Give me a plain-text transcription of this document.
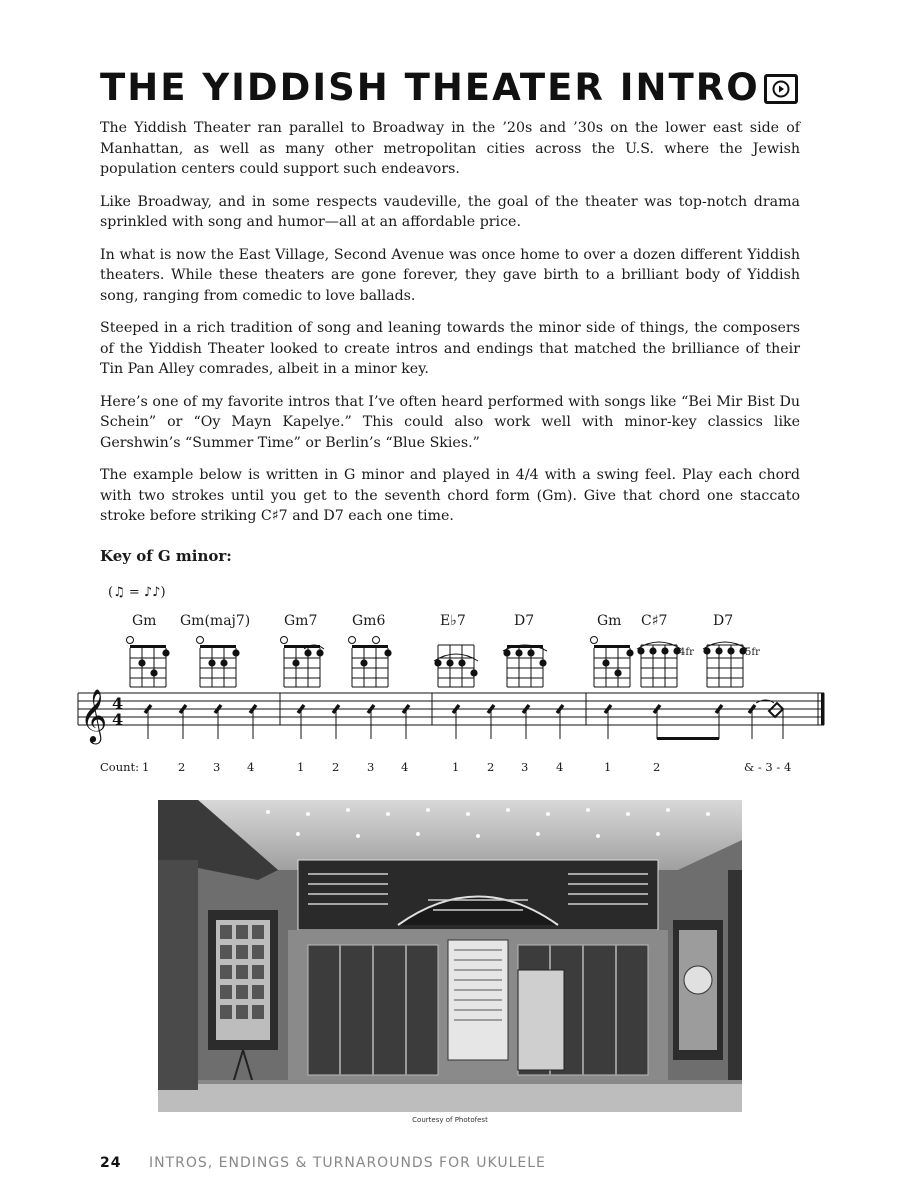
THE YIDDISH THEATER INTRO

The Yiddish Theater ran parallel to Broadway in the ’20s and ’30s on the lower east side of Manhattan, as well as many other metropolitan cities across the U.S. where the Jewish population centers could support such endeavors.

Like Broadway, and in some respects vaudeville, the goal of the theater was top-notch drama sprinkled with song and humor—all at an affordable price.

In what is now the East Village, Second Avenue was once home to over a dozen different Yiddish theaters. While these theaters are gone forever, they gave birth to a brilliant body of Yiddish song, ranging from comedic to love ballads.

Steeped in a rich tradition of song and leaning towards the minor side of things, the composers of the Yiddish Theater looked to create intros and endings that matched the brilliance of their Tin Pan Alley comrades, albeit in a minor key.

Here’s one of my favorite intros that I’ve often heard performed with songs like “Bei Mir Bist Du Schein” or “Oy Mayn Kapelye.” This could also work well with minor-key classics like Gershwin’s “Summer Time” or Berlin’s “Blue Skies.”

The example below is written in G minor and played in 4/4 with a swing feel. Play each chord with two strokes until you get to the seventh chord form (Gm). Give that chord one staccato stroke before striking C♯7 and D7 each one time.

Key of G minor:
(♫ = ♪♪)
Gm Gm(maj7) Gm7 Gm6	E♭7	D7	Gm C♯7	D7
4fr	5fr
𝄞 4
4
Count: 1 2 3 4	1 2 3 4	1 2 3 4	1	2	& - 3 - 4
Courtesy of Photofest
24 INTROS, ENDINGS & TURNAROUNDS FOR UKULELE
